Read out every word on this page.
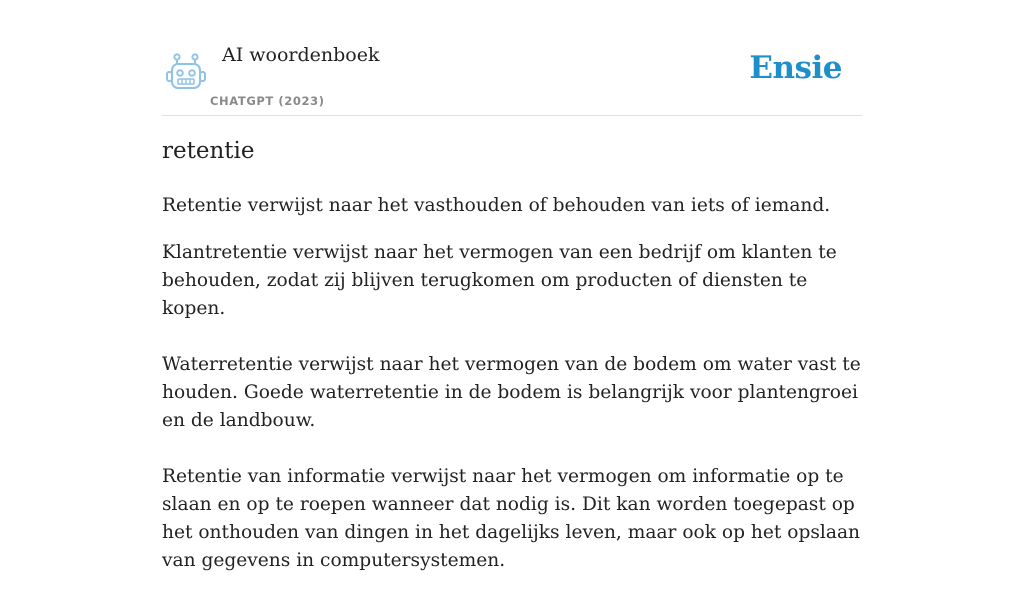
AI woordenboek
CHATGPT (2023)
Ensie
retentie

Retentie verwijst naar het vasthouden of behouden van iets of iemand.

Klantretentie verwijst naar het vermogen van een bedrijf om klanten te behouden, zodat zij blijven terugkomen om producten of diensten te kopen.

Waterretentie verwijst naar het vermogen van de bodem om water vast te houden. Goede waterretentie in de bodem is belangrijk voor plantengroei en de landbouw.

Retentie van informatie verwijst naar het vermogen om informatie op te slaan en op te roepen wanneer dat nodig is. Dit kan worden toegepast op het onthouden van dingen in het dagelijks leven, maar ook op het opslaan van gegevens in computersystemen.
